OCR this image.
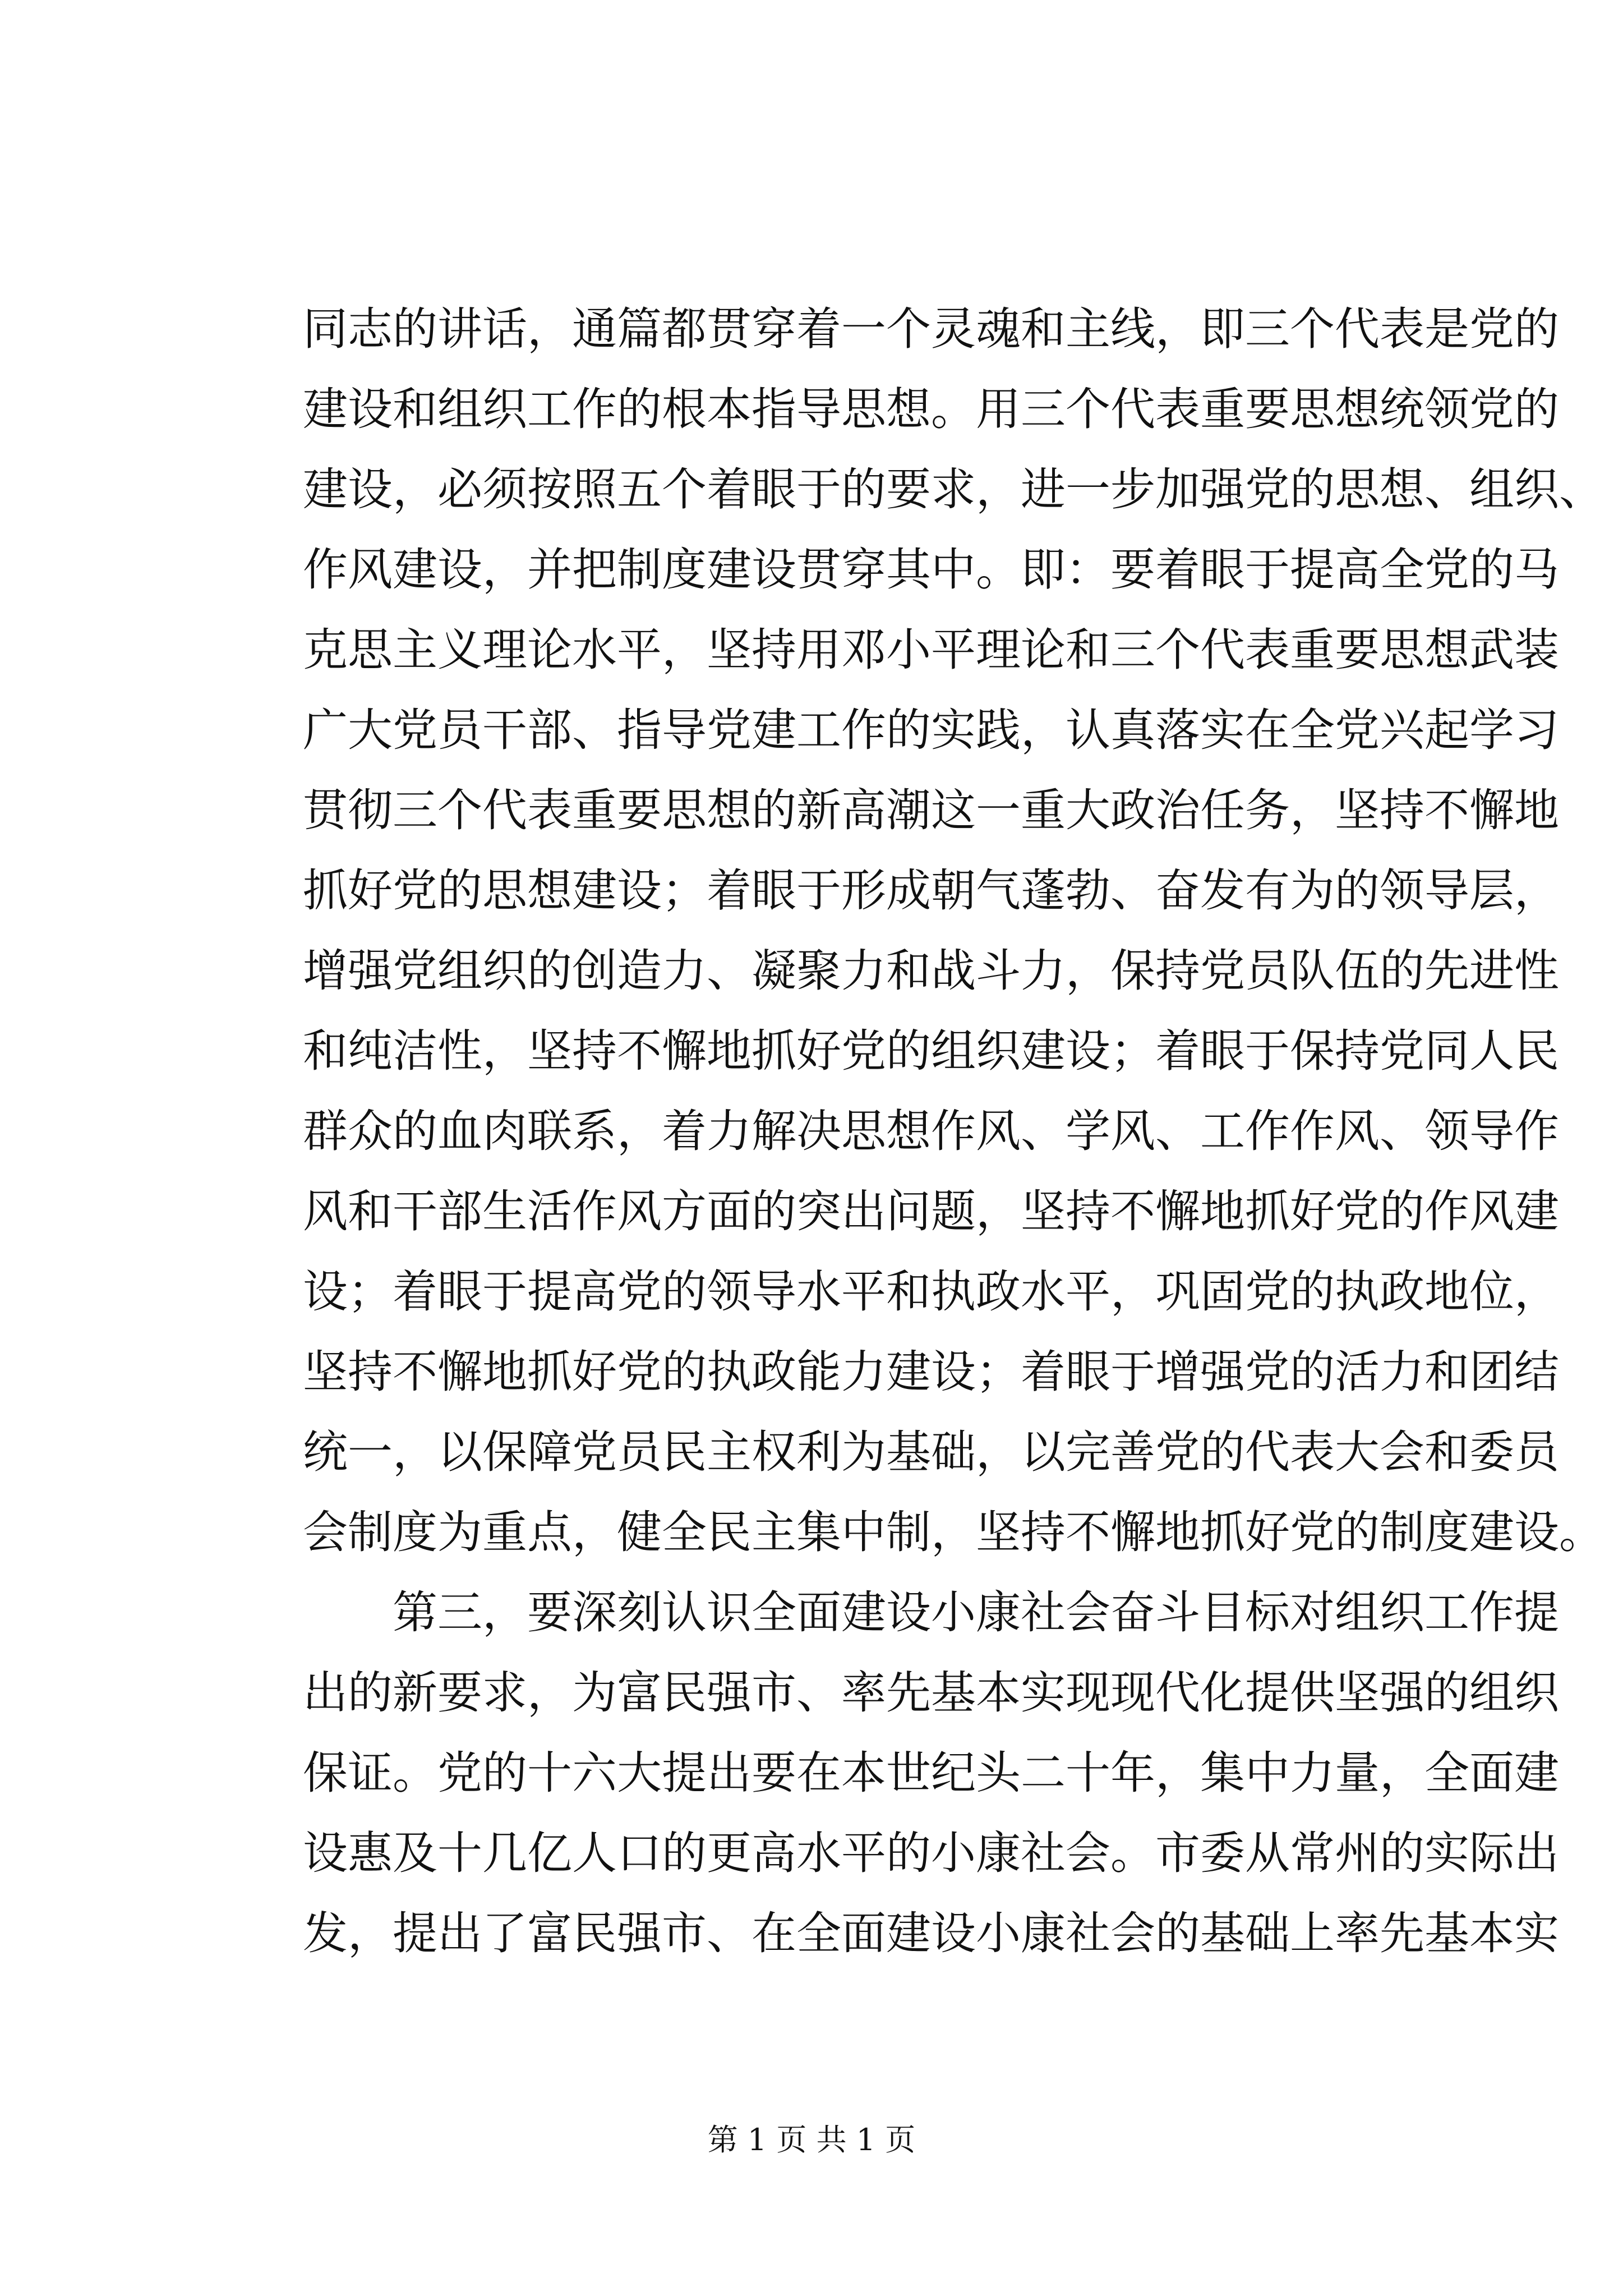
同志的讲话，通篇都贯穿着一个灵魂和主线，即三个代表是党的
建设和组织工作的根本指导思想。用三个代表重要思想统领党的
建设，必须按照五个着眼于的要求，进一步加强党的思想、组织、
作风建设，并把制度建设贯穿其中。即：要着眼于提高全党的马
克思主义理论水平，坚持用邓小平理论和三个代表重要思想武装
广大党员干部、指导党建工作的实践，认真落实在全党兴起学习
贯彻三个代表重要思想的新高潮这一重大政治任务，坚持不懈地
抓好党的思想建设；着眼于形成朝气蓬勃、奋发有为的领导层，
增强党组织的创造力、凝聚力和战斗力，保持党员队伍的先进性
和纯洁性，坚持不懈地抓好党的组织建设；着眼于保持党同人民
群众的血肉联系，着力解决思想作风、学风、工作作风、领导作
风和干部生活作风方面的突出问题，坚持不懈地抓好党的作风建
设；着眼于提高党的领导水平和执政水平，巩固党的执政地位，
坚持不懈地抓好党的执政能力建设；着眼于增强党的活力和团结
统一，以保障党员民主权利为基础，以完善党的代表大会和委员
会制度为重点，健全民主集中制，坚持不懈地抓好党的制度建设。
第三，要深刻认识全面建设小康社会奋斗目标对组织工作提
出的新要求，为富民强市、率先基本实现现代化提供坚强的组织
保证。党的十六大提出要在本世纪头二十年，集中力量，全面建
设惠及十几亿人口的更高水平的小康社会。市委从常州的实际出
发，提出了富民强市、在全面建设小康社会的基础上率先基本实
第 1 页 共 1 页
